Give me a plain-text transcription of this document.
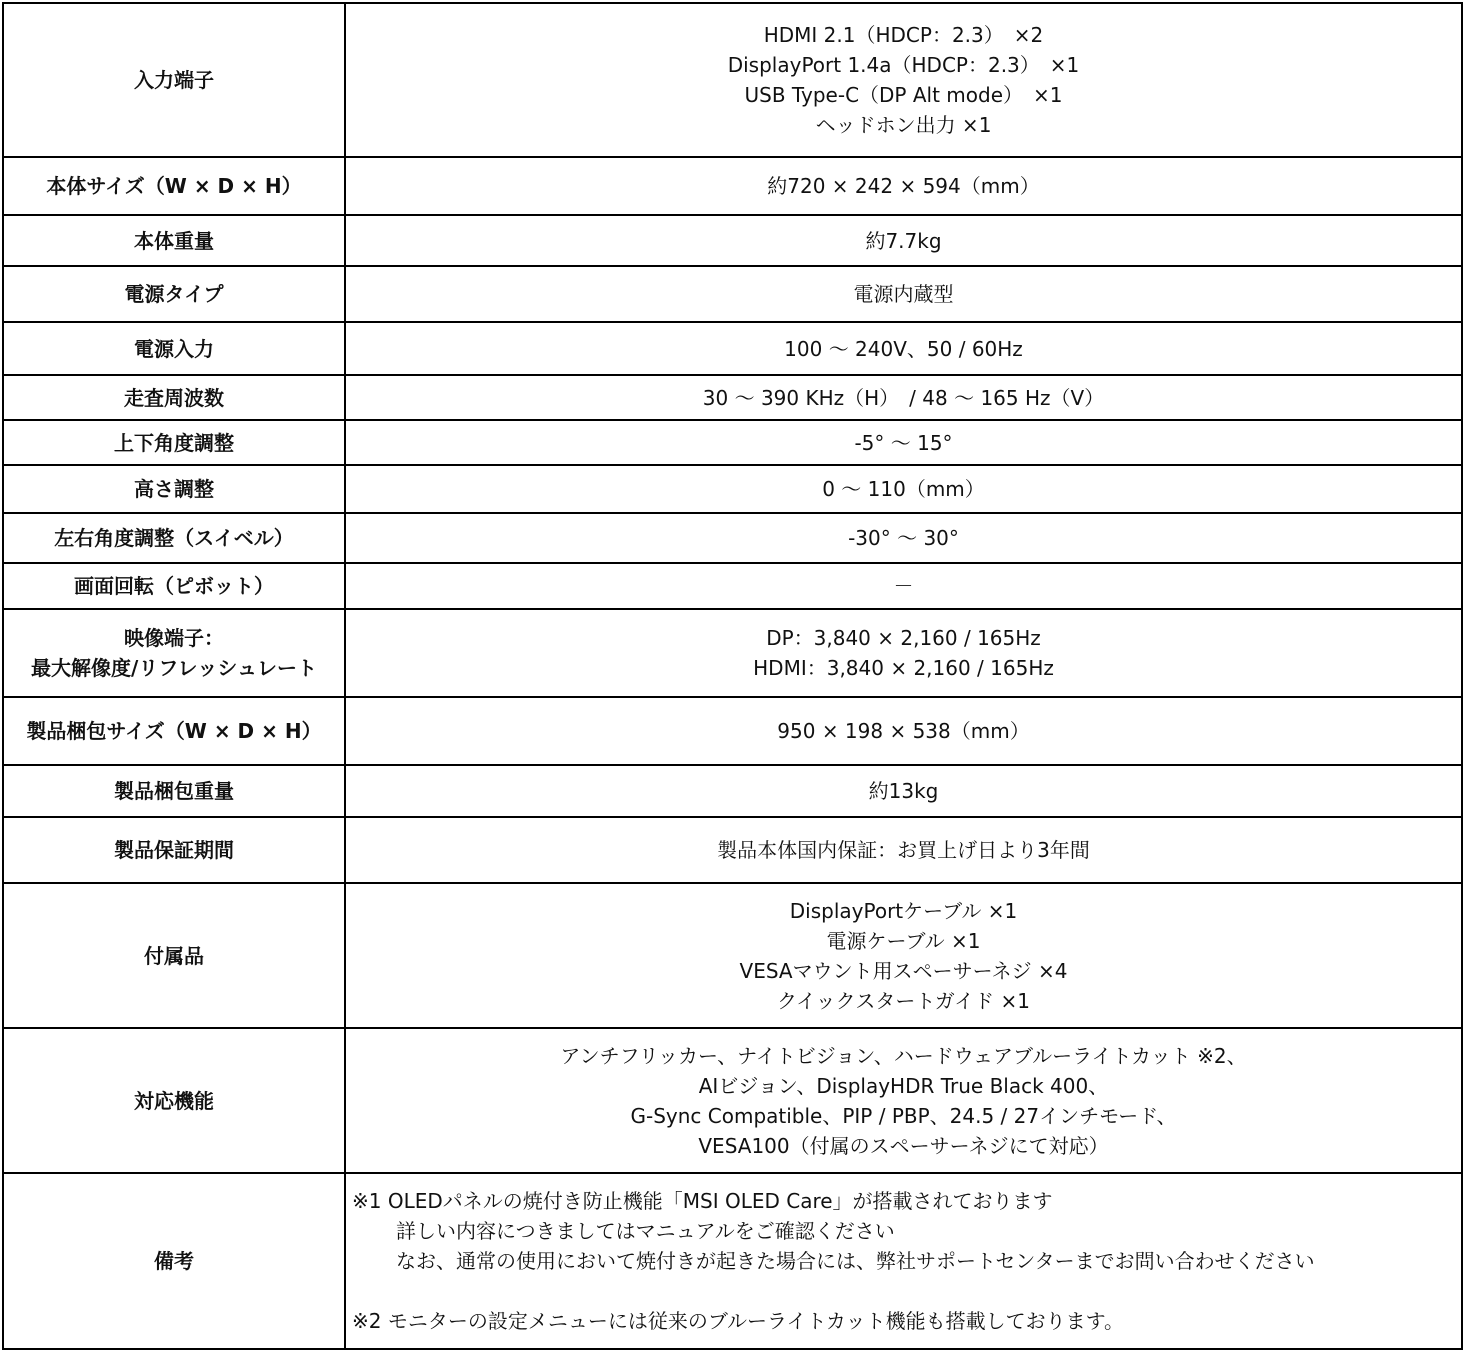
入力端子	HDMI 2.1（HDCP：2.3）　×2
DisplayPort 1.4a（HDCP：2.3）　×1
USB Type-C（DP Alt mode）　×1
ヘッドホン出力 ×1

本体サイズ（W × D × H）	約720 × 242 × 594（mm）

本体重量	約7.7kg

電源タイプ	電源内蔵型

電源入力	100 ～ 240V、50 / 60Hz

走査周波数	30 ～ 390 KHz（H）　/ 48 ～ 165 Hz（V）

上下角度調整	-5° ～ 15°

高さ調整	0 ～ 110（mm）

左右角度調整（スイベル）	-30° ～ 30°

画面回転（ピボット）	－

映像端子：
最大解像度/リフレッシュレート	DP：3,840 × 2,160 / 165Hz
HDMI：3,840 × 2,160 / 165Hz

製品梱包サイズ（W × D × H）	950 × 198 × 538（mm）

製品梱包重量	約13kg

製品保証期間	製品本体国内保証：お買上げ日より3年間

付属品	DisplayPortケーブル ×1
電源ケーブル ×1
VESAマウント用スペーサーネジ ×4
クイックスタートガイド ×1

対応機能	アンチフリッカー、ナイトビジョン、ハードウェアブルーライトカット ※2、
AIビジョン、DisplayHDR True Black 400、
G-Sync Compatible、PIP / PBP、24.5 / 27インチモード、
VESA100（付属のスペーサーネジにて対応）

備考	※1 OLEDパネルの焼付き防止機能「MSI OLED Care」が搭載されております
詳しい内容につきましてはマニュアルをご確認ください
なお、通常の使用において焼付きが起きた場合には、弊社サポートセンターまでお問い合わせください
※2 モニターの設定メニューには従来のブルーライトカット機能も搭載しております。
